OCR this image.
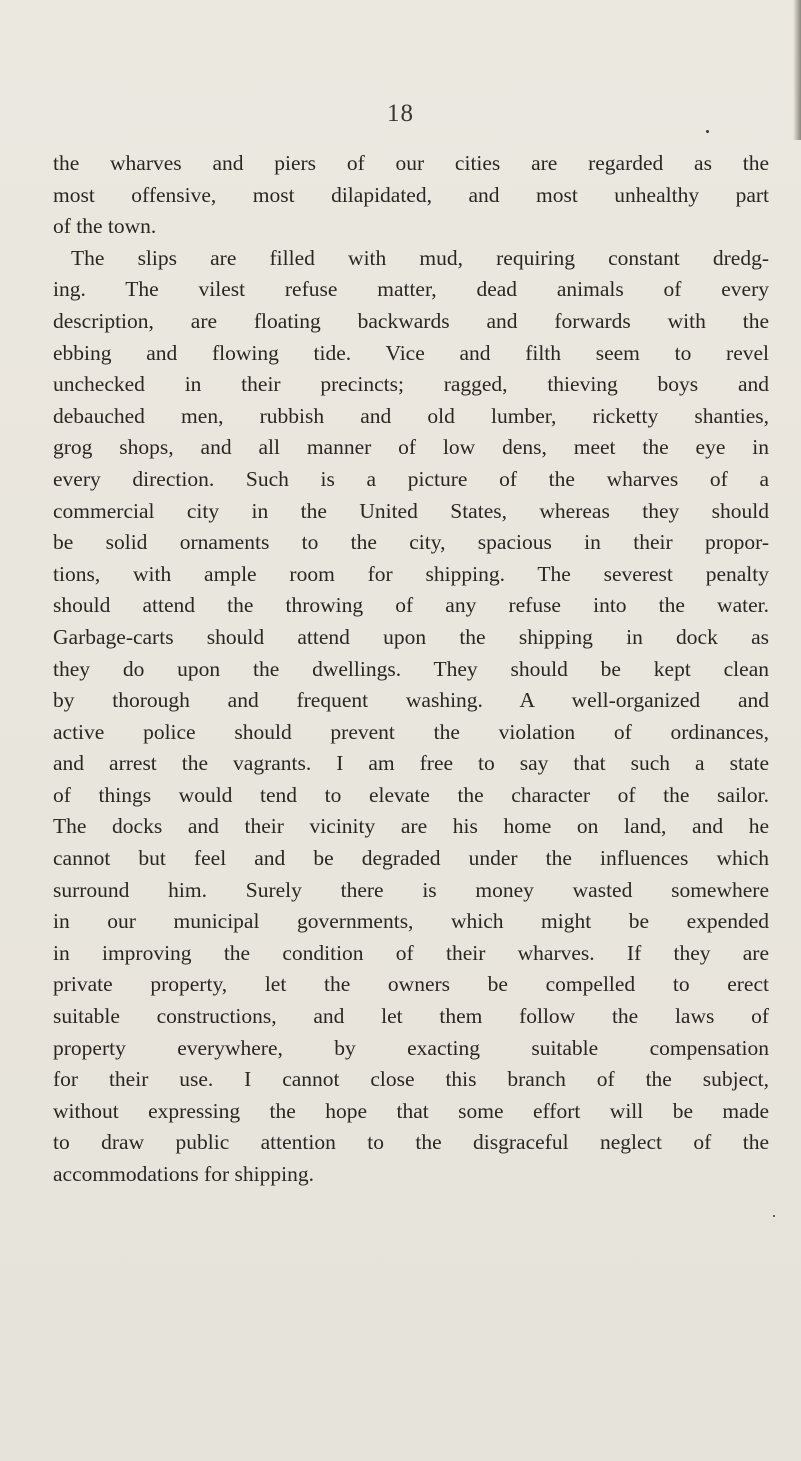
18
the wharves and piers of our cities are regarded as the
most offensive, most dilapidated, and most unhealthy part
of the town.
The slips are filled with mud, requiring constant dredg-
ing. The vilest refuse matter, dead animals of every
description, are floating backwards and forwards with the
ebbing and flowing tide. Vice and filth seem to revel
unchecked in their precincts; ragged, thieving boys and
debauched men, rubbish and old lumber, ricketty shanties,
grog shops, and all manner of low dens, meet the eye in
every direction. Such is a picture of the wharves of a
commercial city in the United States, whereas they should
be solid ornaments to the city, spacious in their propor-
tions, with ample room for shipping. The severest penalty
should attend the throwing of any refuse into the water.
Garbage-carts should attend upon the shipping in dock as
they do upon the dwellings. They should be kept clean
by thorough and frequent washing. A well-organized and
active police should prevent the violation of ordinances,
and arrest the vagrants. I am free to say that such a state
of things would tend to elevate the character of the sailor.
The docks and their vicinity are his home on land, and he
cannot but feel and be degraded under the influences which
surround him. Surely there is money wasted somewhere
in our municipal governments, which might be expended
in improving the condition of their wharves. If they are
private property, let the owners be compelled to erect
suitable constructions, and let them follow the laws of
property everywhere, by exacting suitable compensation
for their use. I cannot close this branch of the subject,
without expressing the hope that some effort will be made
to draw public attention to the disgraceful neglect of the
accommodations for shipping.
